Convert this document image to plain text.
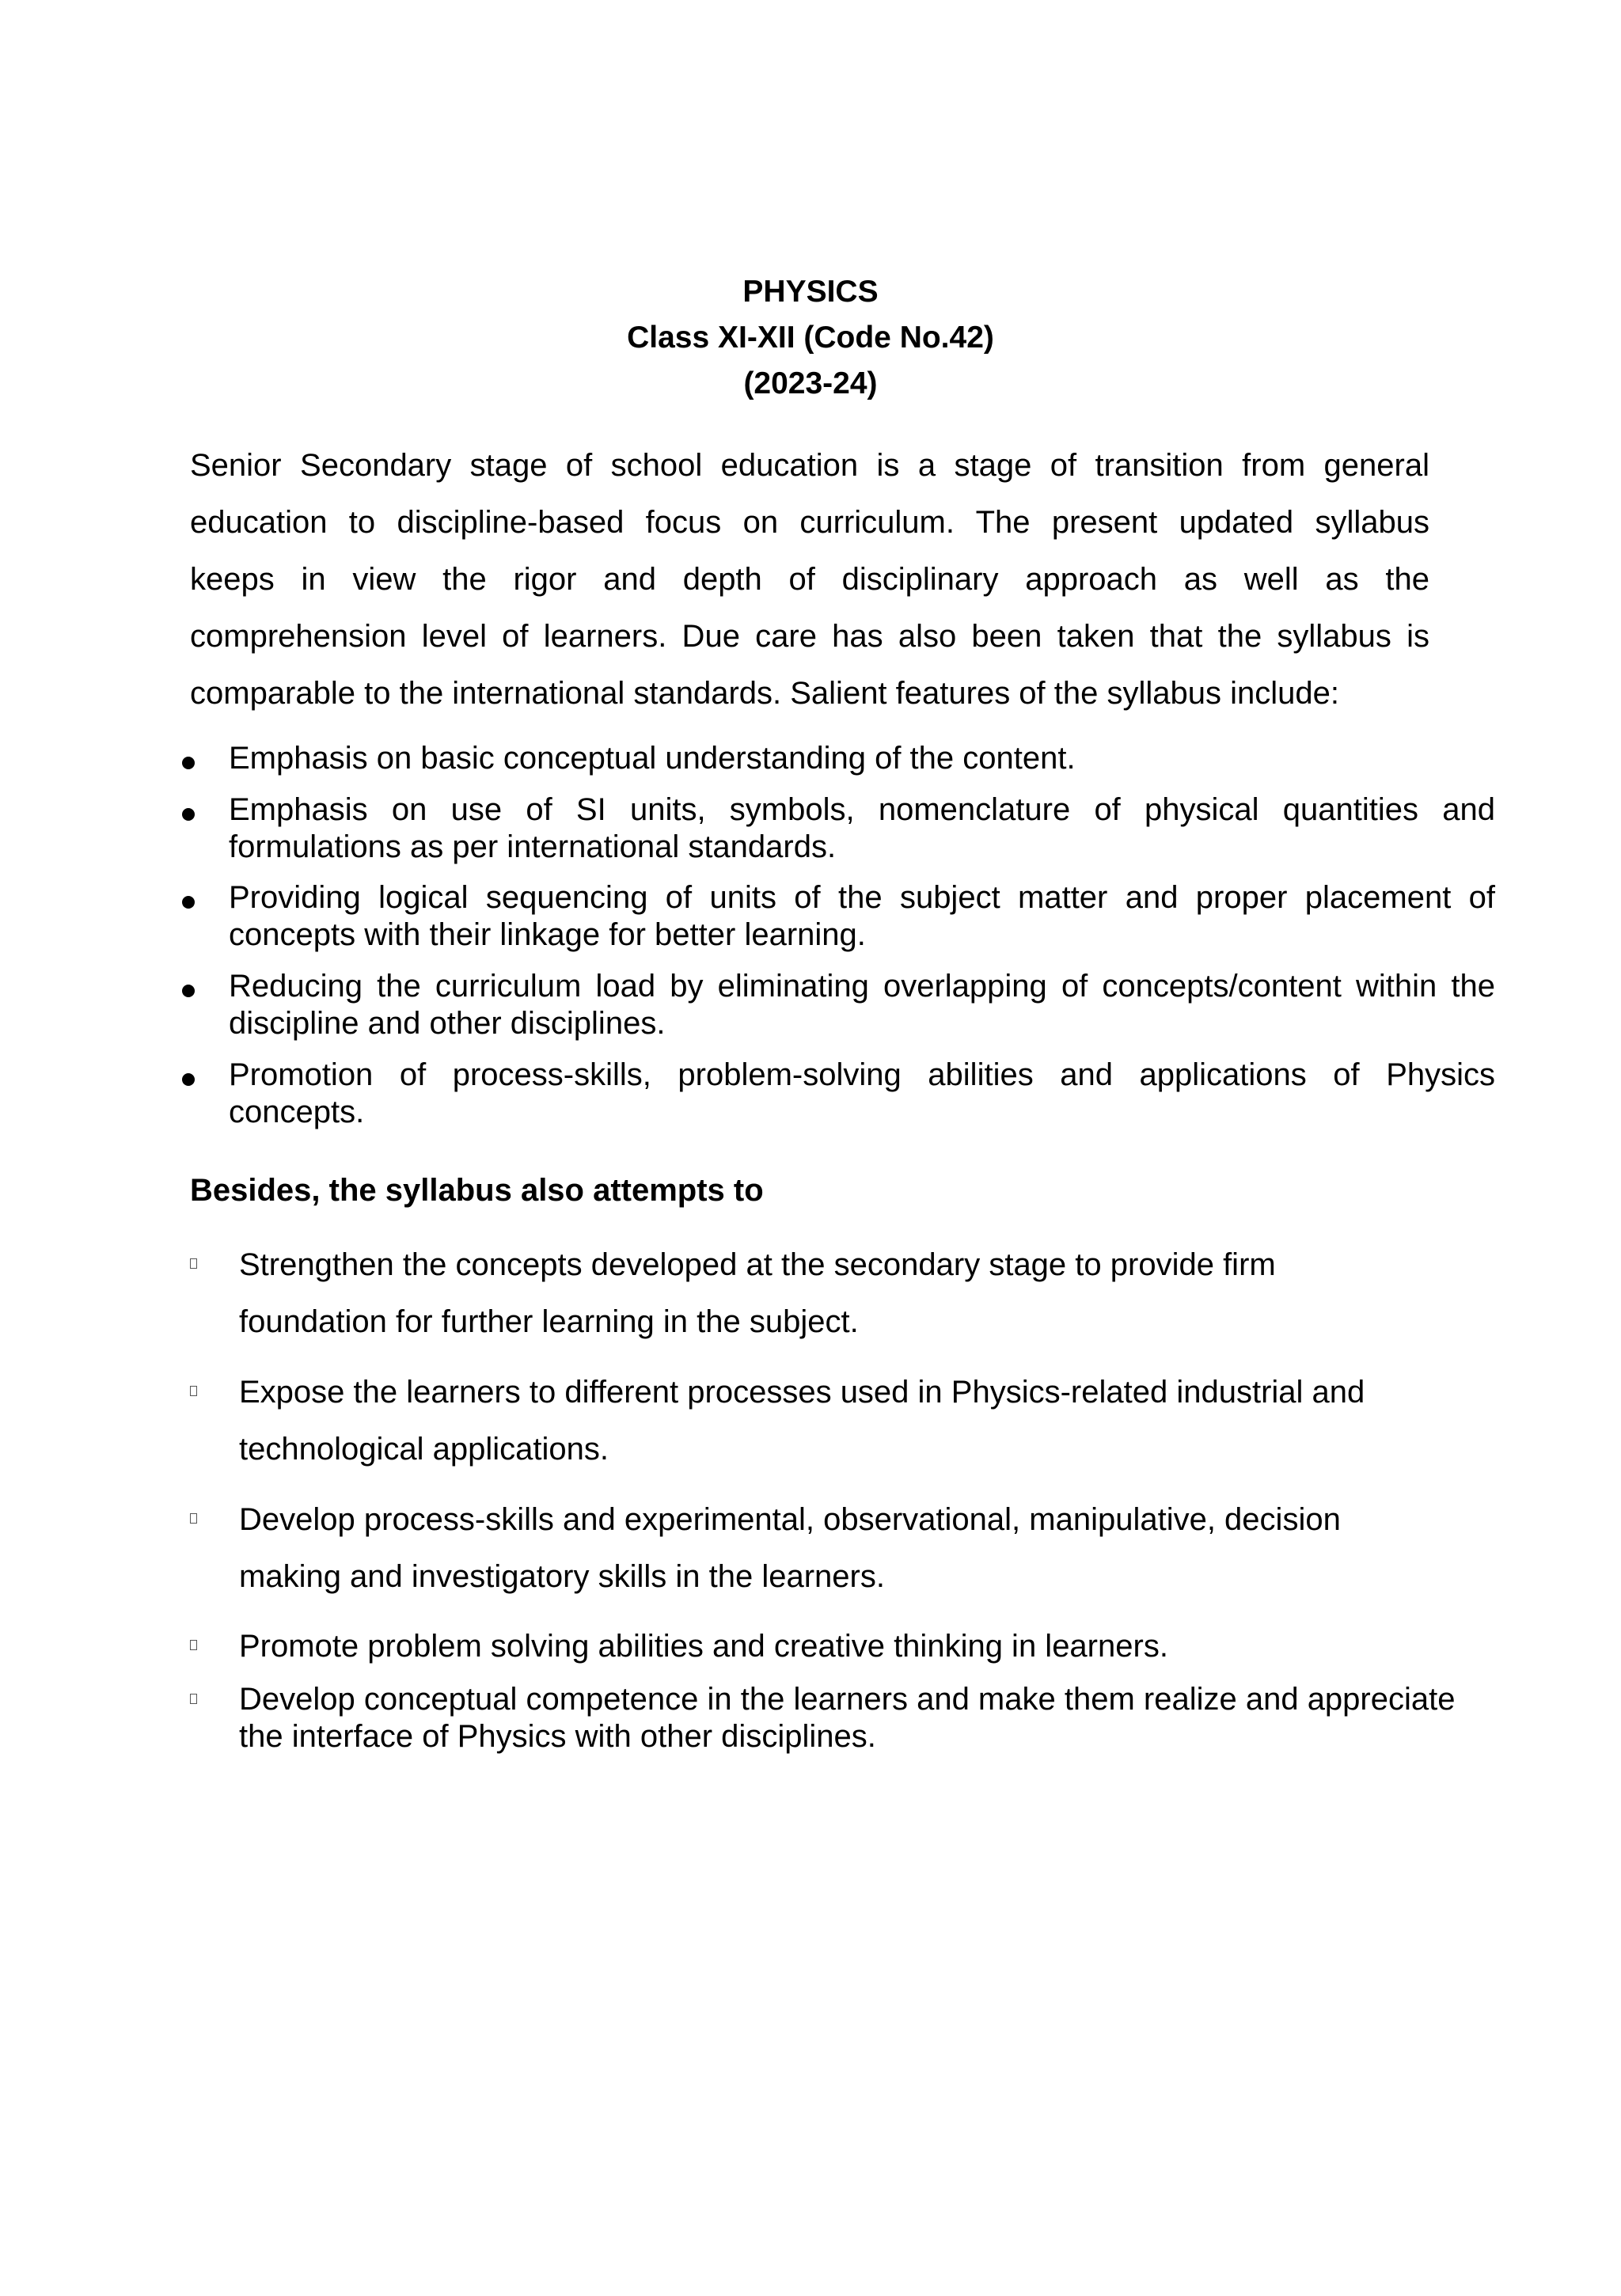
PHYSICS
Class XI-XII (Code No.42)
(2023-24)
Senior Secondary stage of school education is a stage of transition from general
education to discipline-based focus on curriculum. The present updated syllabus
keeps in view the rigor and depth of disciplinary approach as well as the
comprehension level of learners. Due care has also been taken that the syllabus is
comparable to the international standards. Salient features of the syllabus include:
Emphasis on basic conceptual understanding of the content.
Emphasis on use of SI units, symbols, nomenclature of physical quantities and formulations as per international standards.
Providing logical sequencing of units of the subject matter and proper placement of concepts with their linkage for better learning.
Reducing the curriculum load by eliminating overlapping of concepts/content within the discipline and other disciplines.
Promotion of process-skills, problem-solving abilities and applications of Physics concepts.
Besides, the syllabus also attempts to
Strengthen the concepts developed at the secondary stage to provide firm foundation for further learning in the subject.
Expose the learners to different processes used in Physics-related industrial and technological applications.
Develop process-skills and experimental, observational, manipulative, decision making and investigatory skills in the learners.
Promote problem solving abilities and creative thinking in learners.
Develop conceptual competence in the learners and make them realize and appreciate the interface of Physics with other disciplines.
